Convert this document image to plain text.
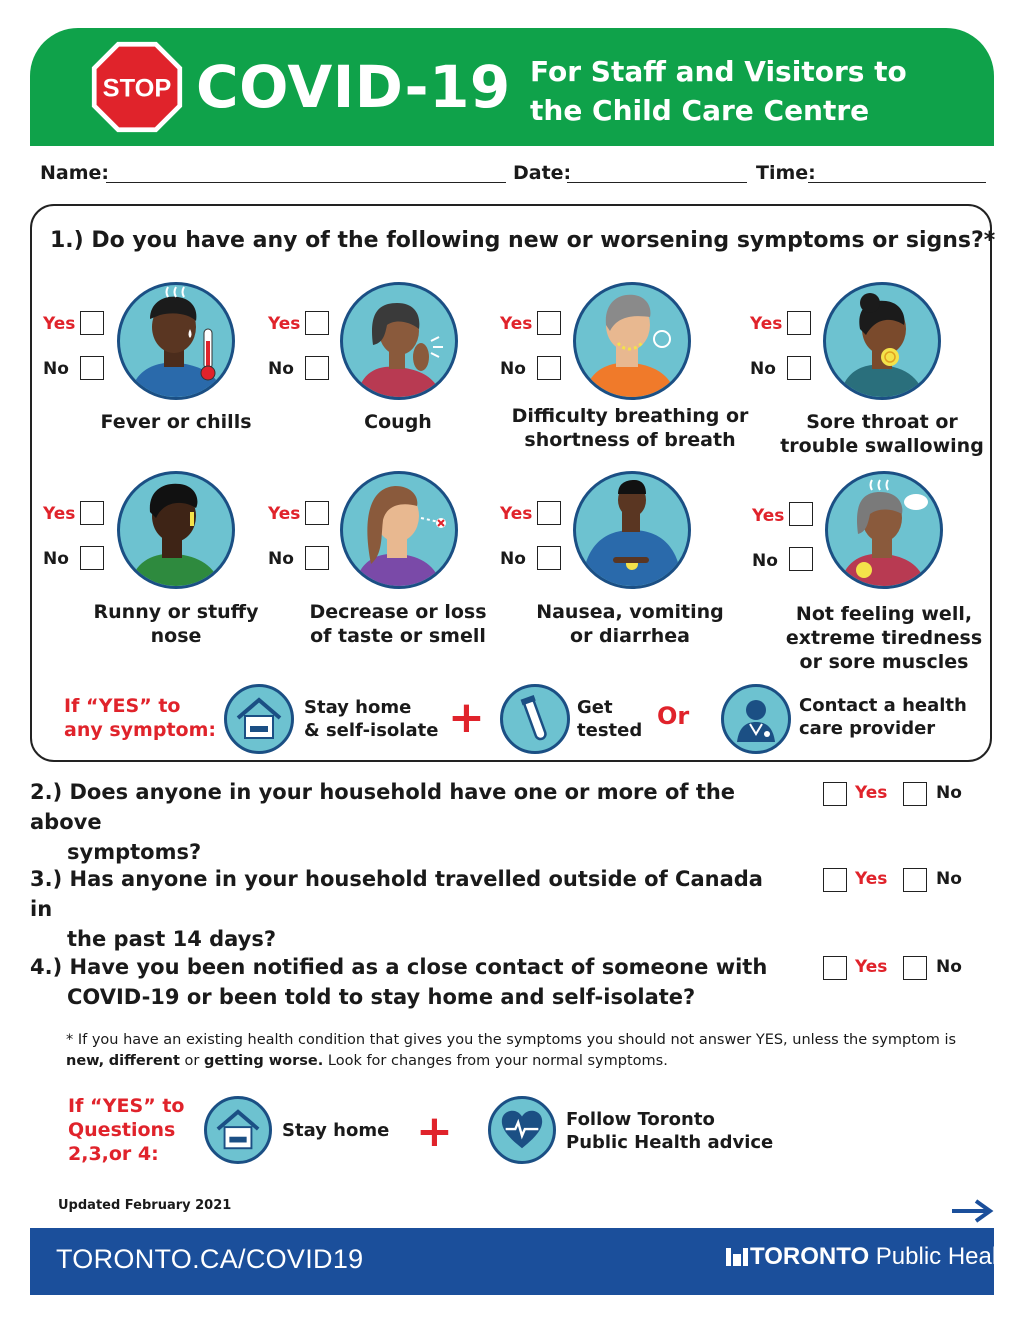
STOP COVID-19 For Staff and Visitors to
the Child Care Centre
Name:	Date:	Time:
1.) Do you have any of the following new or worsening symptoms or signs?*
Yes
No
Fever or chills
Yes
No
Cough
Yes
No
Difficulty breathing or
shortness of breath
Yes
No
Sore throat or
trouble swallowing
Yes
No
Runny or stuffy
nose
Yes
No
Decrease or loss
of taste or smell
Yes
No
Nausea, vomiting
or diarrhea
Yes
No
Not feeling well,
extreme tiredness
or sore muscles
If “YES” to
any symptom:
Stay home
& self-isolate +	Get
tested
Or	Contact a health
care provider
2.) Does anyone in your household have one or more of the above
symptoms?
Yes	No
3.) Has anyone in your household travelled outside of Canada in
the past 14 days?
Yes	No
4.) Have you been notified as a close contact of someone with
COVID-19 or been told to stay home and self-isolate?
Yes	No
* If you have an existing health condition that gives you the symptoms you should not answer YES, unless the symptom is new, different or getting worse. Look for changes from your normal symptoms.
If “YES” to
Questions
2,3,or 4:
Stay home +	Follow Toronto
Public Health advice
Updated February 2021
TORONTO.CA/COVID19	TORONTO Public Health
